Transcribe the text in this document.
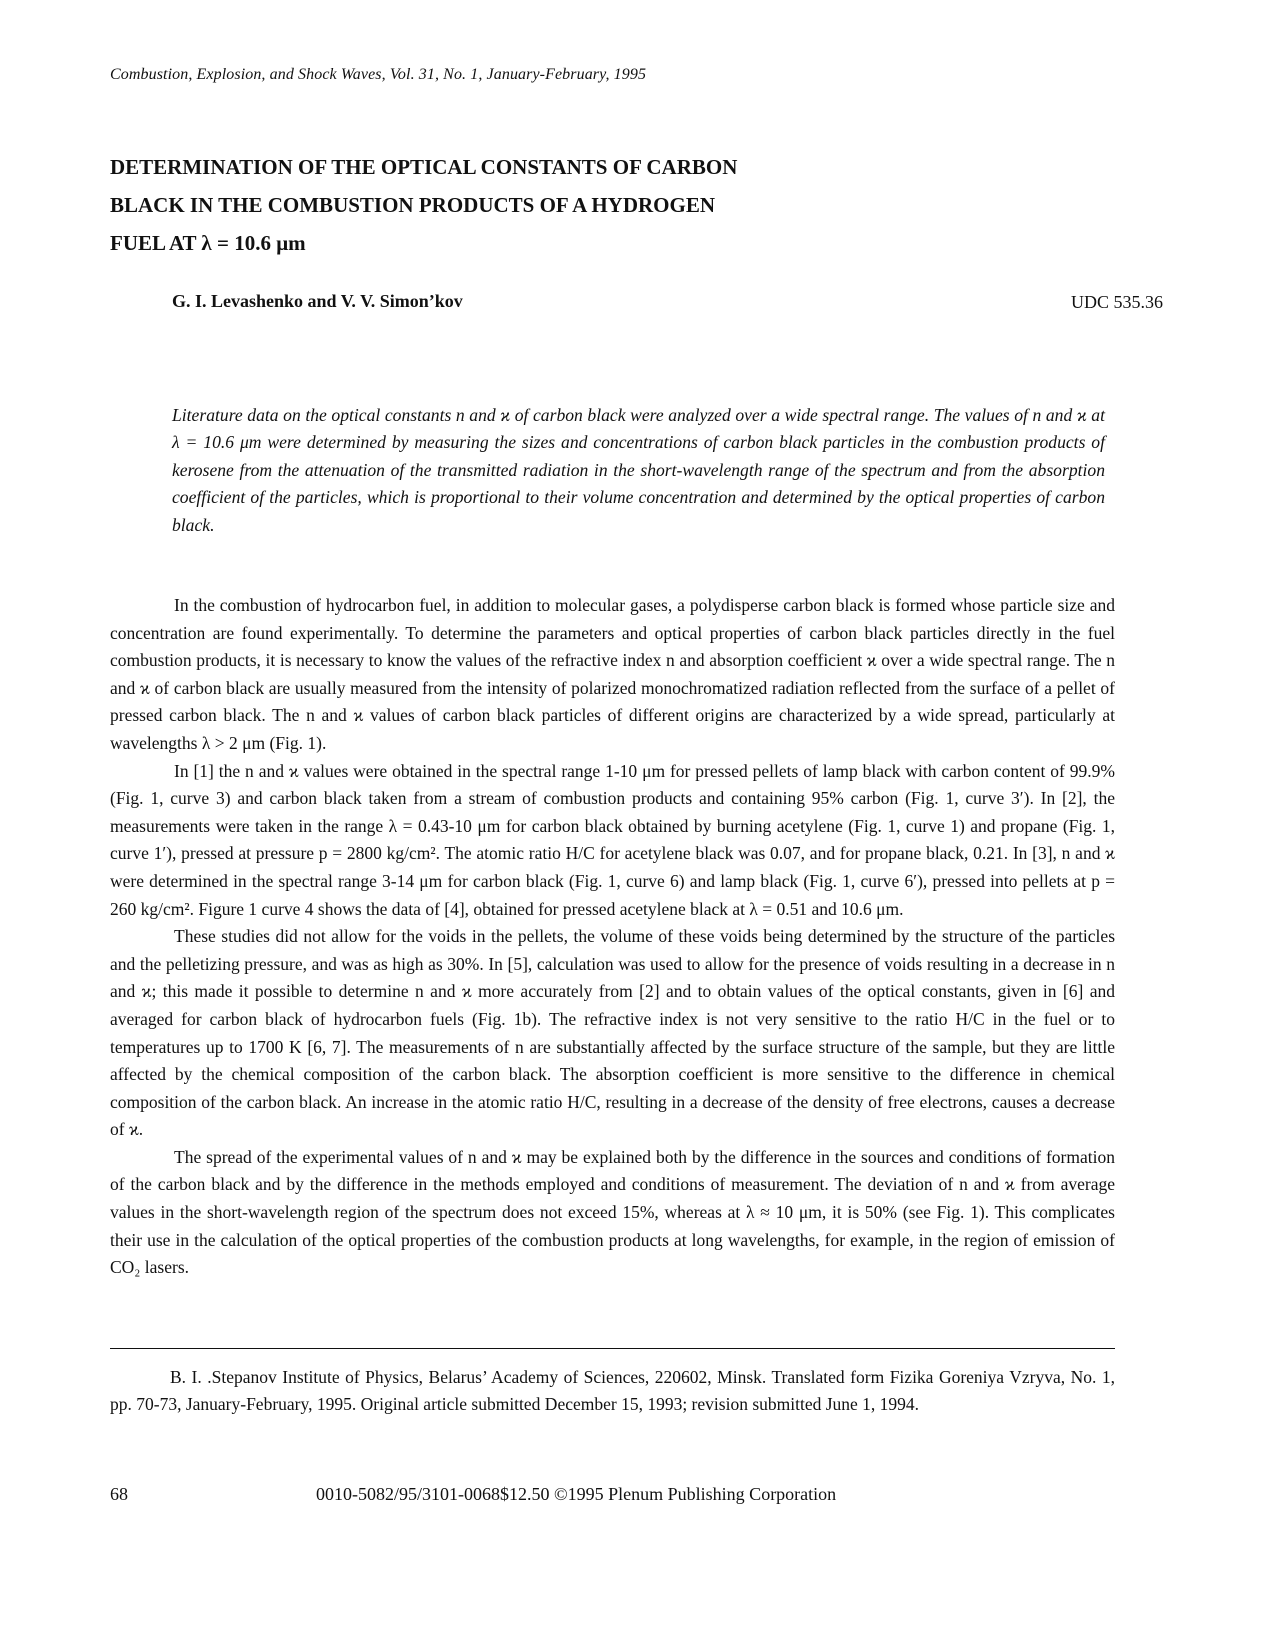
Combustion, Explosion, and Shock Waves, Vol. 31, No. 1, January-February, 1995
DETERMINATION OF THE OPTICAL CONSTANTS OF CARBON
BLACK IN THE COMBUSTION PRODUCTS OF A HYDROGEN
FUEL AT λ = 10.6 μm
G. I. Levashenko and V. V. Simon’kov	UDC 535.36

Literature data on the optical constants n and ϰ of carbon black were analyzed over a wide spectral range. The values of n and ϰ at λ = 10.6 μm were determined by measuring the sizes and concentrations of carbon black particles in the combustion products of kerosene from the attenuation of the transmitted radiation in the short-wavelength range of the spectrum and from the absorption coefficient of the particles, which is proportional to their volume concentration and determined by the optical properties of carbon black.

In the combustion of hydrocarbon fuel, in addition to molecular gases, a polydisperse carbon black is formed whose particle size and concentration are found experimentally. To determine the parameters and optical properties of carbon black particles directly in the fuel combustion products, it is necessary to know the values of the refractive index n and absorption coefficient ϰ over a wide spectral range. The n and ϰ of carbon black are usually measured from the intensity of polarized monochromatized radiation reflected from the surface of a pellet of pressed carbon black. The n and ϰ values of carbon black particles of different origins are characterized by a wide spread, particularly at wavelengths λ > 2 μm (Fig. 1).

In [1] the n and ϰ values were obtained in the spectral range 1-10 μm for pressed pellets of lamp black with carbon content of 99.9% (Fig. 1, curve 3) and carbon black taken from a stream of combustion products and containing 95% carbon (Fig. 1, curve 3′). In [2], the measurements were taken in the range λ = 0.43-10 μm for carbon black obtained by burning acetylene (Fig. 1, curve 1) and propane (Fig. 1, curve 1′), pressed at pressure p = 2800 kg/cm². The atomic ratio H/C for acetylene black was 0.07, and for propane black, 0.21. In [3], n and ϰ were determined in the spectral range 3-14 μm for carbon black (Fig. 1, curve 6) and lamp black (Fig. 1, curve 6′), pressed into pellets at p = 260 kg/cm². Figure 1 curve 4 shows the data of [4], obtained for pressed acetylene black at λ = 0.51 and 10.6 μm.

These studies did not allow for the voids in the pellets, the volume of these voids being determined by the structure of the particles and the pelletizing pressure, and was as high as 30%. In [5], calculation was used to allow for the presence of voids resulting in a decrease in n and ϰ; this made it possible to determine n and ϰ more accurately from [2] and to obtain values of the optical constants, given in [6] and averaged for carbon black of hydrocarbon fuels (Fig. 1b). The refractive index is not very sensitive to the ratio H/C in the fuel or to temperatures up to 1700 K [6, 7]. The measurements of n are substantially affected by the surface structure of the sample, but they are little affected by the chemical composition of the carbon black. The absorption coefficient is more sensitive to the difference in chemical composition of the carbon black. An increase in the atomic ratio H/C, resulting in a decrease of the density of free electrons, causes a decrease of ϰ.

The spread of the experimental values of n and ϰ may be explained both by the difference in the sources and conditions of formation of the carbon black and by the difference in the methods employed and conditions of measurement. The deviation of n and ϰ from average values in the short-wavelength region of the spectrum does not exceed 15%, whereas at λ ≈ 10 μm, it is 50% (see Fig. 1). This complicates their use in the calculation of the optical properties of the combustion products at long wavelengths, for example, in the region of emission of CO₂ lasers.

B. I. .Stepanov Institute of Physics, Belarus’ Academy of Sciences, 220602, Minsk. Translated form Fizika Goreniya Vzryva, No. 1, pp. 70-73, January-February, 1995. Original article submitted December 15, 1993; revision submitted June 1, 1994.

68	0010-5082/95/3101-0068$12.50 ©1995 Plenum Publishing Corporation
